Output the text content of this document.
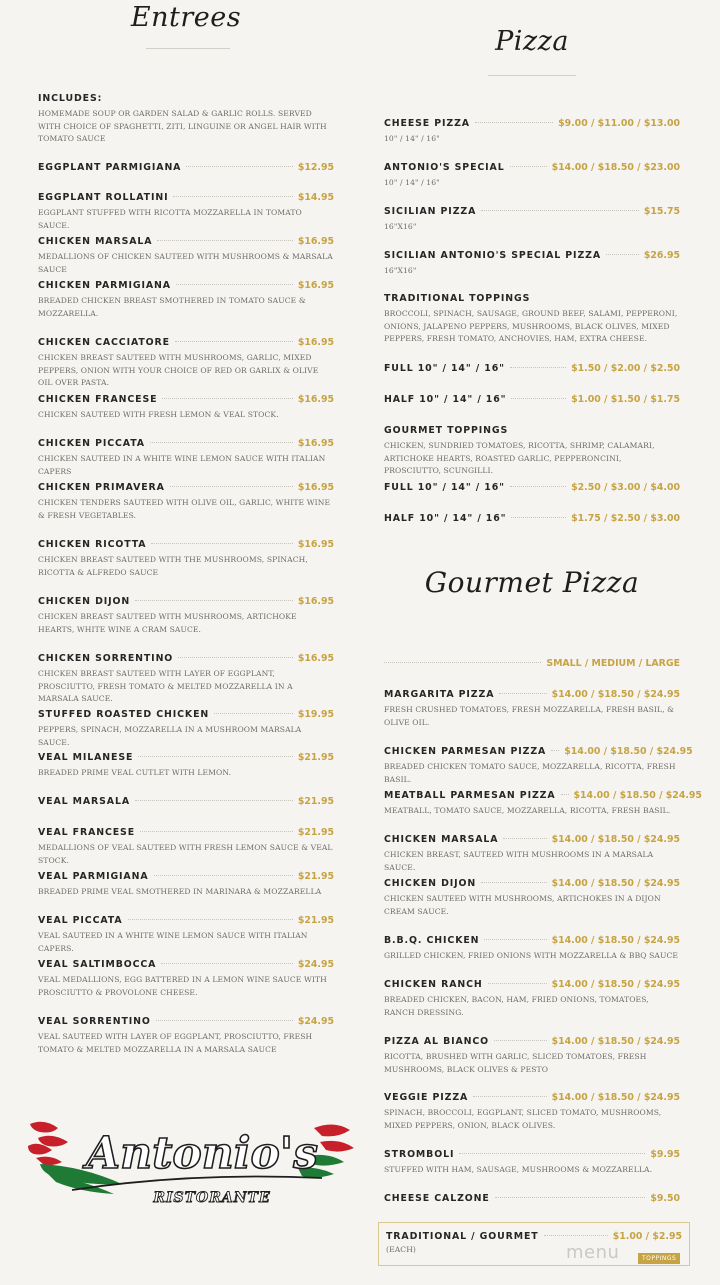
Entrees
INCLUDES:
HOMEMADE SOUP OR GARDEN SALAD & GARLIC ROLLS. SERVED WITH CHOICE OF SPAGHETTI, ZITI, LINGUINE OR ANGEL HAIR WITH TOMATO SAUCE
EGGPLANT PARMIGIANA	$12.95
EGGPLANT ROLLATINI	$14.95
EGGPLANT STUFFED WITH RICOTTA MOZZARELLA IN TOMATO SAUCE.
CHICKEN MARSALA	$16.95
MEDALLIONS OF CHICKEN SAUTEED WITH MUSHROOMS & MARSALA SAUCE
CHICKEN PARMIGIANA	$16.95
BREADED CHICKEN BREAST SMOTHERED IN TOMATO SAUCE & MOZZARELLA.
CHICKEN CACCIATORE	$16.95
CHICKEN BREAST SAUTEED WITH MUSHROOMS, GARLIC, MIXED PEPPERS, ONION WITH YOUR CHOICE OF RED OR GARLIX & OLIVE OIL OVER PASTA.
CHICKEN FRANCESE	$16.95
CHICKEN SAUTEED WITH FRESH LEMON & VEAL STOCK.
CHICKEN PICCATA	$16.95
CHICKEN SAUTEED IN A WHITE WINE LEMON SAUCE WITH ITALIAN CAPERS
CHICKEN PRIMAVERA	$16.95
CHICKEN TENDERS SAUTEED WITH OLIVE OIL, GARLIC, WHITE WINE & FRESH VEGETABLES.
CHICKEN RICOTTA	$16.95
CHICKEN BREAST SAUTEED WITH THE MUSHROOMS, SPINACH, RICOTTA & ALFREDO SAUCE
CHICKEN DIJON	$16.95
CHICKEN BREAST SAUTEED WITH MUSHROOMS, ARTICHOKE HEARTS, WHITE WINE A CRAM SAUCE.
CHICKEN SORRENTINO	$16.95
CHICKEN BREAST SAUTEED WITH LAYER OF EGGPLANT, PROSCIUTTO, FRESH TOMATO & MELTED MOZZARELLA IN A MARSALA SAUCE.
STUFFED ROASTED CHICKEN	$19.95
PEPPERS, SPINACH, MOZZARELLA IN A MUSHROOM MARSALA SAUCE.
VEAL MILANESE	$21.95
BREADED PRIME VEAL CUTLET WITH LEMON.
VEAL MARSALA	$21.95
VEAL FRANCESE	$21.95
MEDALLIONS OF VEAL SAUTEED WITH FRESH LEMON SAUCE & VEAL STOCK.
VEAL PARMIGIANA	$21.95
BREADED PRIME VEAL SMOTHERED IN MARINARA & MOZZARELLA
VEAL PICCATA	$21.95
VEAL SAUTEED IN A WHITE WINE LEMON SAUCE WITH ITALIAN CAPERS.
VEAL SALTIMBOCCA	$24.95
VEAL MEDALLIONS, EGG BATTERED IN A LEMON WINE SAUCE WITH PROSCIUTTO & PROVOLONE CHEESE.
VEAL SORRENTINO	$24.95
VEAL SAUTEED WITH LAYER OF EGGPLANT, PROSCIUTTO, FRESH TOMATO & MELTED MOZZARELLA IN A MARSALA SAUCE
Pizza
CHEESE PIZZA	$9.00 / $11.00 / $13.00
10" / 14" / 16"
ANTONIO'S SPECIAL	$14.00 / $18.50 / $23.00
10" / 14" / 16"
SICILIAN PIZZA	$15.75
16"X16"
SICILIAN ANTONIO'S SPECIAL PIZZA	$26.95
16"X16"
TRADITIONAL TOPPINGS
BROCCOLI, SPINACH, SAUSAGE, GROUND BEEF, SALAMI, PEPPERONI, ONIONS, JALAPENO PEPPERS, MUSHROOMS, BLACK OLIVES, MIXED PEPPERS, FRESH TOMATO, ANCHOVIES, HAM, EXTRA CHEESE.
FULL 10" / 14" / 16"	$1.50 / $2.00 / $2.50
HALF 10" / 14" / 16"	$1.00 / $1.50 / $1.75
GOURMET TOPPINGS
CHICKEN, SUNDRIED TOMATOES, RICOTTA, SHRIMP, CALAMARI, ARTICHOKE HEARTS, ROASTED GARLIC, PEPPERONCINI, PROSCIUTTO, SCUNGILLI.
FULL 10" / 14" / 16"	$2.50 / $3.00 / $4.00
HALF 10" / 14" / 16"	$1.75 / $2.50 / $3.00
Gourmet Pizza
SMALL / MEDIUM / LARGE
MARGARITA PIZZA	$14.00 / $18.50 / $24.95
FRESH CRUSHED TOMATOES, FRESH MOZZARELLA, FRESH BASIL, & OLIVE OIL.
CHICKEN PARMESAN PIZZA $14.00 / $18.50 / $24.95
BREADED CHICKEN TOMATO SAUCE, MOZZARELLA, RICOTTA, FRESH BASIL.
MEATBALL PARMESAN PIZZA $14.00 / $18.50 / $24.95
MEATBALL, TOMATO SAUCE, MOZZARELLA, RICOTTA, FRESH BASIL.
CHICKEN MARSALA	$14.00 / $18.50 / $24.95
CHICKEN BREAST, SAUTEED WITH MUSHROOMS IN A MARSALA SAUCE.
CHICKEN DIJON	$14.00 / $18.50 / $24.95
CHICKEN SAUTEED WITH MUSHROOMS, ARTICHOKES IN A DIJON CREAM SAUCE.
B.B.Q. CHICKEN	$14.00 / $18.50 / $24.95
GRILLED CHICKEN, FRIED ONIONS WITH MOZZARELLA & BBQ SAUCE
CHICKEN RANCH	$14.00 / $18.50 / $24.95
BREADED CHICKEN, BACON, HAM, FRIED ONIONS, TOMATOES, RANCH DRESSING.
PIZZA AL BIANCO	$14.00 / $18.50 / $24.95
RICOTTA, BRUSHED WITH GARLIC, SLICED TOMATOES, FRESH MUSHROOMS, BLACK OLIVES & PESTO
VEGGIE PIZZA	$14.00 / $18.50 / $24.95
SPINACH, BROCCOLI, EGGPLANT, SLICED TOMATO, MUSHROOMS, MIXED PEPPERS, ONION, BLACK OLIVES.
STROMBOLI	$9.95
STUFFED WITH HAM, SAUSAGE, MUSHROOMS & MOZZARELLA.
CHEESE CALZONE	$9.50
TRADITIONAL / GOURMET	$1.00 / $2.95
(EACH)
Antonio's
RISTORANTE
menu	TOPPINGS
